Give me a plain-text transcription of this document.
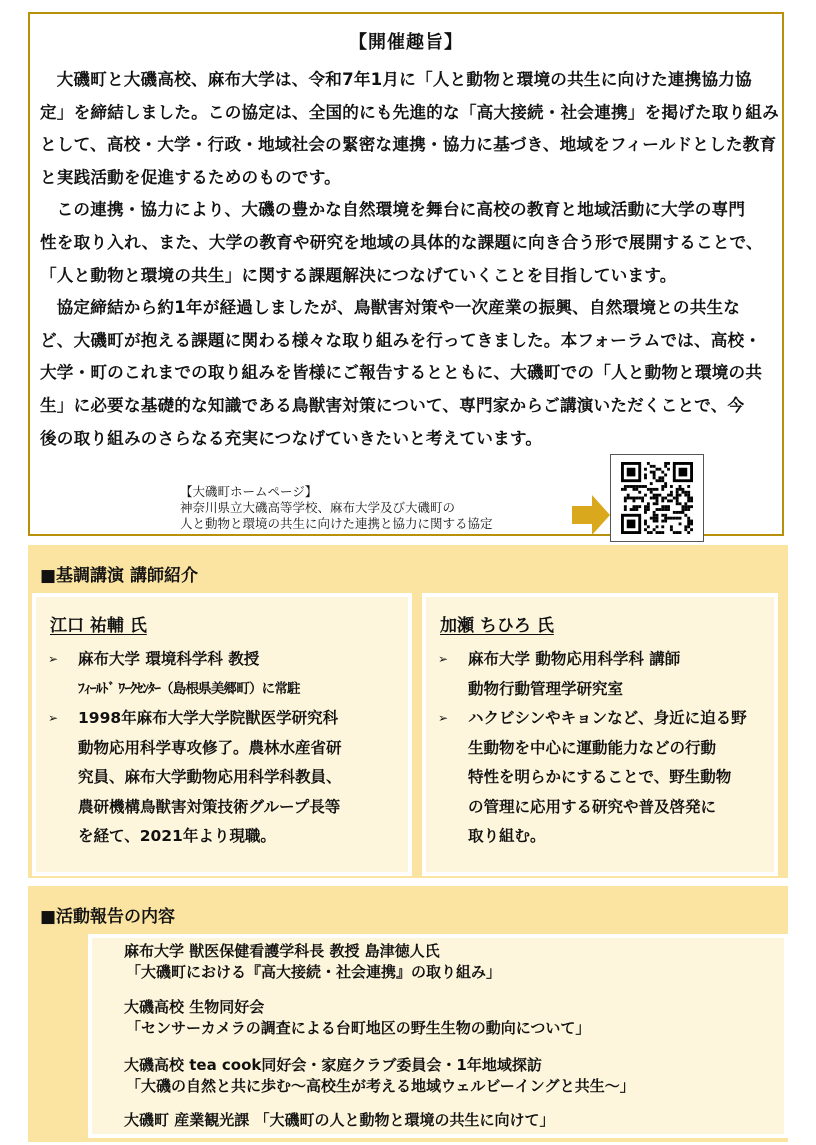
【開催趣旨】

大磯町と大磯高校、麻布大学は、令和7年1月に「人と動物と環境の共生に向けた連携協力協
定」を締結しました。この協定は、全国的にも先進的な「高大接続・社会連携」を掲げた取り組み
として、高校・大学・行政・地域社会の緊密な連携・協力に基づき、地域をフィールドとした教育
と実践活動を促進するためのものです。

この連携・協力により、大磯の豊かな自然環境を舞台に高校の教育と地域活動に大学の専門
性を取り入れ、また、大学の教育や研究を地域の具体的な課題に向き合う形で展開することで、
「人と動物と環境の共生」に関する課題解決につなげていくことを目指しています。

協定締結から約1年が経過しましたが、鳥獣害対策や一次産業の振興、自然環境との共生な
ど、大磯町が抱える課題に関わる様々な取り組みを行ってきました。本フォーラムでは、高校・
大学・町のこれまでの取り組みを皆様にご報告するとともに、大磯町での「人と動物と環境の共
生」に必要な基礎的な知識である鳥獣害対策について、専門家からご講演いただくことで、今
後の取り組みのさらなる充実につなげていきたいと考えています。

【大磯町ホームページ】
神奈川県立大磯高等学校、麻布大学及び大磯町の
人と動物と環境の共生に向けた連携と協力に関する協定
■基調講演 講師紹介
江口 祐輔 氏
➢ 麻布大学 環境科学科 教授
ﾌｨｰﾙﾄﾞ ﾜｰｸｾﾝﾀｰ（島根県美郷町）に常駐
➢ 1998年麻布大学大学院獣医学研究科
動物応用科学専攻修了。農林水産省研
究員、麻布大学動物応用科学科教員、
農研機構鳥獣害対策技術グループ長等
を経て、2021年より現職。
加瀬 ちひろ 氏
➢ 麻布大学 動物応用科学科 講師
動物行動管理学研究室
➢ ハクビシンやキョンなど、身近に迫る野
生動物を中心に運動能力などの行動
特性を明らかにすることで、野生動物
の管理に応用する研究や普及啓発に
取り組む。
■活動報告の内容
麻布大学 獣医保健看護学科長 教授 島津徳人氏
「大磯町における『高大接続・社会連携』の取り組み」
大磯高校 生物同好会
「センサーカメラの調査による台町地区の野生生物の動向について」
大磯高校 tea cook同好会・家庭クラブ委員会・1年地域探訪
「大磯の自然と共に歩む～高校生が考える地域ウェルビーイングと共生～」
大磯町 産業観光課 「大磯町の人と動物と環境の共生に向けて」
